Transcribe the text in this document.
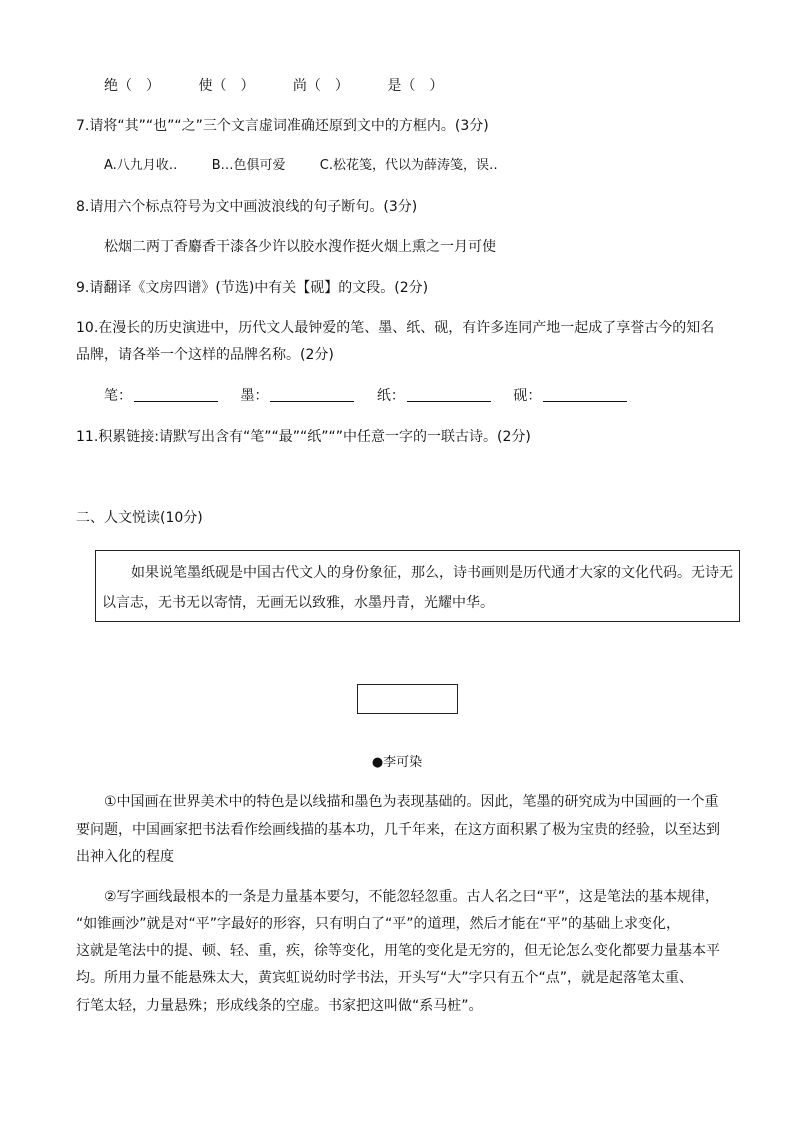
绝（　）	使（　）	尚（　）	是（　）
7.请将“其”“也”“之”三个文言虚词准确还原到文中的方框内。(3分)
A.八九月收‥	B.‥色俱可爱	C.松花笺，代以为薛涛笺，误‥
8.请用六个标点符号为文中画波浪线的句子断句。(3分)
松烟二两丁香麝香干漆各少许以胶水溲作挺火烟上熏之一月可使
9.请翻译《文房四谱》(节选)中有关【砚】的文段。(2分)
10.在漫长的历史演进中，历代文人最钟爱的笔、墨、纸、砚，有许多连同产地一起成了享誉古今的知名
品牌，请各举一个这样的品牌名称。(2分)
笔：	墨：	纸：	砚：
11.积累链接:请默写出含有“笔”“最”“纸”“”中任意一字的一联古诗。(2分)
二、人文悦读(10分)

如果说笔墨纸砚是中国古代文人的身份象征，那么，诗书画则是历代通才大家的文化代码。无诗无

以言志，无书无以寄情，无画无以致雅，水墨丹青，光耀中华。

●李可染
①中国画在世界美术中的特色是以线描和墨色为表现基础的。因此，笔墨的研究成为中国画的一个重
要问题，中国画家把书法看作绘画线描的基本功，几千年来，在这方面积累了极为宝贵的经验，以至达到
出神入化的程度
②写字画线最根本的一条是力量基本要匀，不能忽轻忽重。古人名之曰“平”，这是笔法的基本规律，
“如锥画沙”就是对“平”字最好的形容，只有明白了“平”的道理，然后才能在“平”的基础上求变化，
这就是笔法中的提、顿、轻、重，疾，徐等变化，用笔的变化是无穷的，但无论怎么变化都要力量基本平
均。所用力量不能悬殊太大，黄宾虹说幼时学书法，开头写“大”字只有五个“点”，就是起落笔太重、
行笔太轻，力量悬殊；形成线条的空虚。书家把这叫做“系马桩”。
